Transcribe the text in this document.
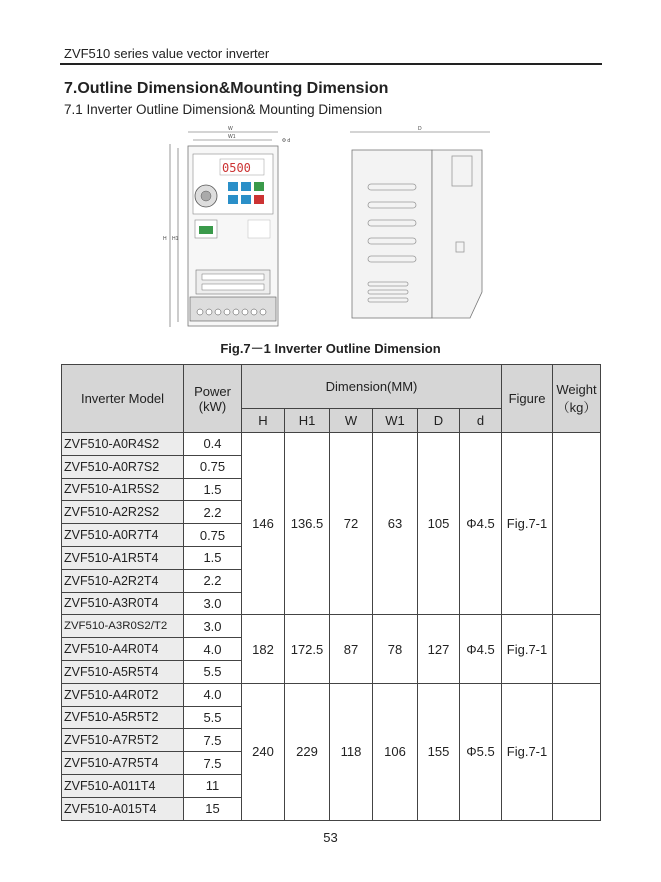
ZVF510 series value vector inverter
7.Outline Dimension&Mounting Dimension
7.1 Inverter Outline Dimension& Mounting Dimension
W
W1
Φ d
H H1
0500
D
Fig.7－1 Inverter Outline Dimension
Inverter Model	Power
(kW)	Dimension(MM)						Figure	Weight
（kg）
		H	H1	W	W1	D	d		
ZVF510-A0R4S2	0.4	146	136.5	72	63	105	Φ4.5	Fig.7-1	
ZVF510-A0R7S2	0.75								
ZVF510-A1R5S2	1.5								
ZVF510-A2R2S2	2.2								
ZVF510-A0R7T4	0.75								
ZVF510-A1R5T4	1.5								
ZVF510-A2R2T4	2.2								
ZVF510-A3R0T4	3.0								
ZVF510-A3R0S2/T2	3.0	182	172.5	87	78	127	Φ4.5	Fig.7-1	
ZVF510-A4R0T4	4.0								
ZVF510-A5R5T4	5.5								
ZVF510-A4R0T2	4.0	240	229	118	106	155	Φ5.5	Fig.7-1	
ZVF510-A5R5T2	5.5								
ZVF510-A7R5T2	7.5								
ZVF510-A7R5T4	7.5								
ZVF510-A011T4	11								
ZVF510-A015T4	15								
53
